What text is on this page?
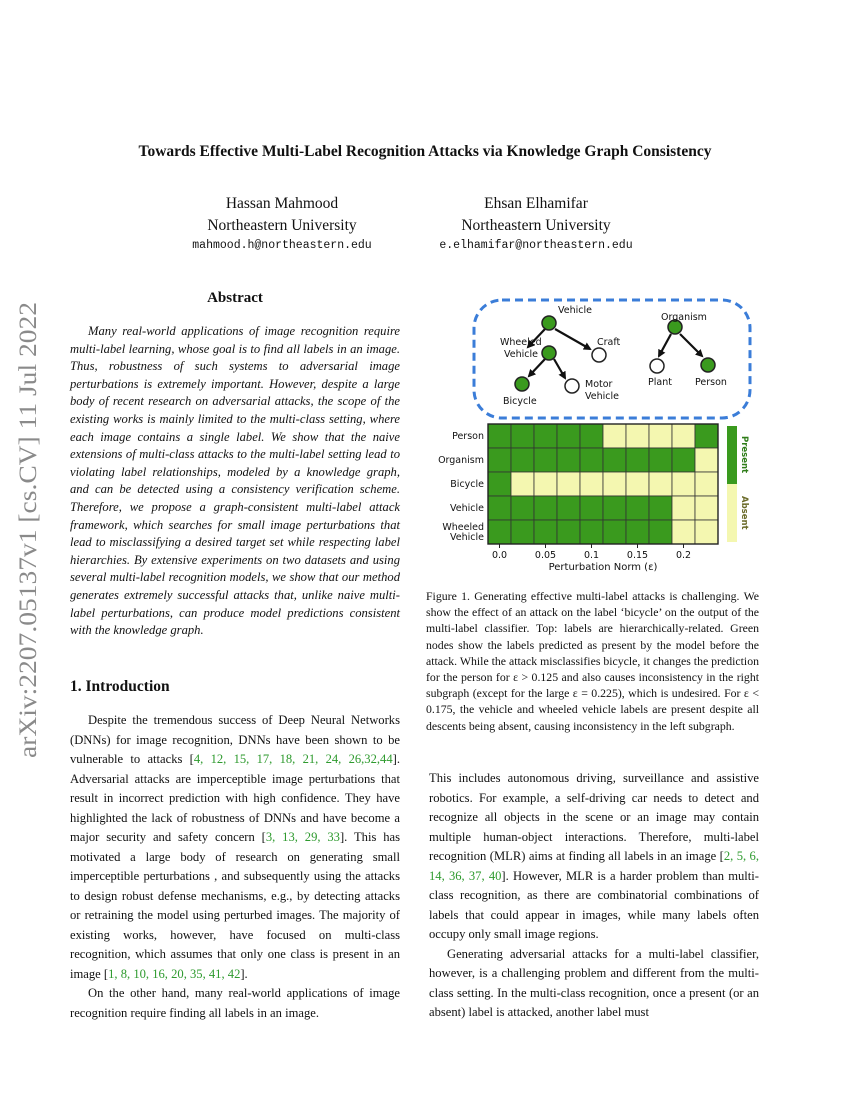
Towards Effective Multi-Label Recognition Attacks via Knowledge Graph Consistency
Hassan Mahmood
Northeastern University
mahmood.h@northeastern.edu
Ehsan Elhamifar
Northeastern University
e.elhamifar@northeastern.edu
arXiv:2207.05137v1 [cs.CV] 11 Jul 2022
Abstract

Many real-world applications of image recognition require multi-label learning, whose goal is to find all labels in an image. Thus, robustness of such systems to adversarial image perturbations is extremely important. However, despite a large body of recent research on adversarial attacks, the scope of the existing works is mainly limited to the multi-class setting, where each image contains a single label. We show that the naive extensions of multi-class attacks to the multi-label setting lead to violating label relationships, modeled by a knowledge graph, and can be detected using a consistency verification scheme. Therefore, we propose a graph-consistent multi-label attack framework, which searches for small image perturbations that lead to misclassifying a desired target set while respecting label hierarchies. By extensive experiments on two datasets and using several multi-label recognition models, we show that our method generates extremely successful attacks that, unlike naive multi-label perturbations, can produce model predictions consistent with the knowledge graph.

1. Introduction

Despite the tremendous success of Deep Neural Networks (DNNs) for image recognition, DNNs have been shown to be vulnerable to attacks [4, 12, 15, 17, 18, 21, 24, 26,32,44]. Adversarial attacks are imperceptible image perturbations that result in incorrect prediction with high confidence. They have highlighted the lack of robustness of DNNs and have become a major security and safety concern [3, 13, 29, 33]. This has motivated a large body of research on generating small imperceptible perturbations , and subsequently using the attacks to design robust defense mechanisms, e.g., by detecting attacks or retraining the model using perturbed images. The majority of existing works, however, have focused on multi-class recognition, which assumes that only one class is present in an image [1, 8, 10, 16, 20, 35, 41, 42].

On the other hand, many real-world applications of image recognition require finding all labels in an image.

This includes autonomous driving, surveillance and assistive robotics. For example, a self-driving car needs to detect and recognize all objects in the scene or an image may contain multiple human-object interactions. Therefore, multi-label recognition (MLR) aims at finding all labels in an image [2, 5, 6, 14, 36, 37, 40]. However, MLR is a harder problem than multi-class recognition, as there are combinatorial combinations of labels that could appear in images, while many labels often occupy only small image regions.

Generating adversarial attacks for a multi-label classifier, however, is a challenging problem and different from the multi-class setting. In the multi-class recognition, once a present (or an absent) label is attacked, another label must

Vehicle
Wheeled
Vehicle
Craft
Bicycle
Motor
Vehicle
Organism
Plant Person
Person
Organism
Bicycle
Vehicle
Wheeled
Vehicle
0.0	0.05	0.1	0.15	0.2
Perturbation Norm (ε)
Present
Absent

Figure 1. Generating effective multi-label attacks is challenging. We show the effect of an attack on the label ‘bicycle’ on the output of the multi-label classifier. Top: labels are hierarchically-related. Green nodes show the labels predicted as present by the model before the attack. While the attack misclassifies bicycle, it changes the prediction for the person for ε > 0.125 and also causes inconsistency in the right subgraph (except for the large ε = 0.225), which is undesired. For ε < 0.175, the vehicle and wheeled vehicle labels are present despite all descents being absent, causing inconsistency in the left subgraph.
